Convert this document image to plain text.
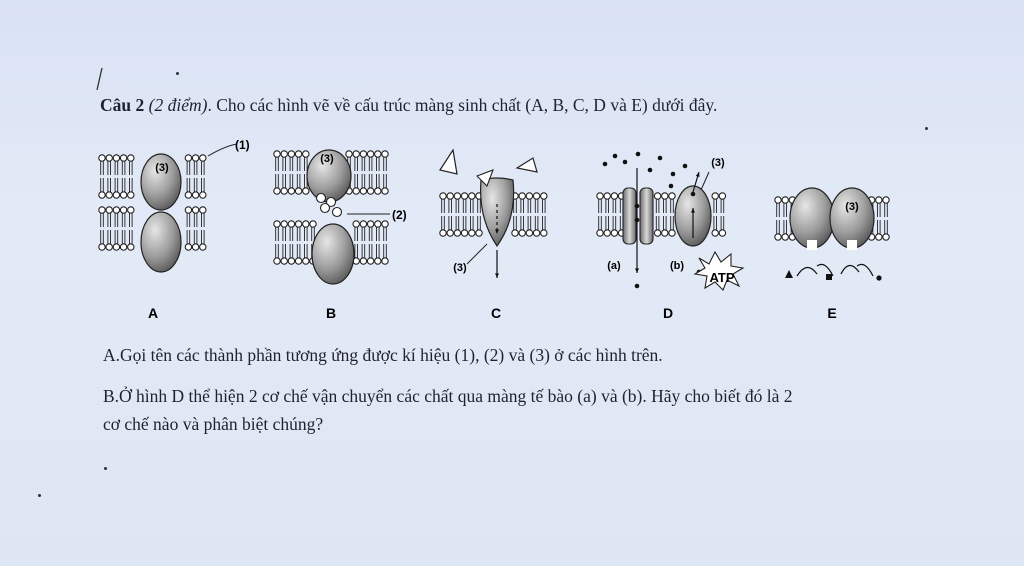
Câu 2 (2 điểm). Cho các hình vẽ về cấu trúc màng sinh chất (A, B, C, D và E) dưới đây.
A	B	C	D	E
(1)
(2)
(3)
(3)
(3)
(3)
(3)
(a)	(b)
ATP
A.Gọi tên các thành phần tương ứng được kí hiệu (1), (2) và (3) ở các hình trên.
B.Ở hình D thể hiện 2 cơ chế vận chuyển các chất qua màng tế bào (a) và (b). Hãy cho biết đó là 2
cơ chế nào và phân biệt chúng?
